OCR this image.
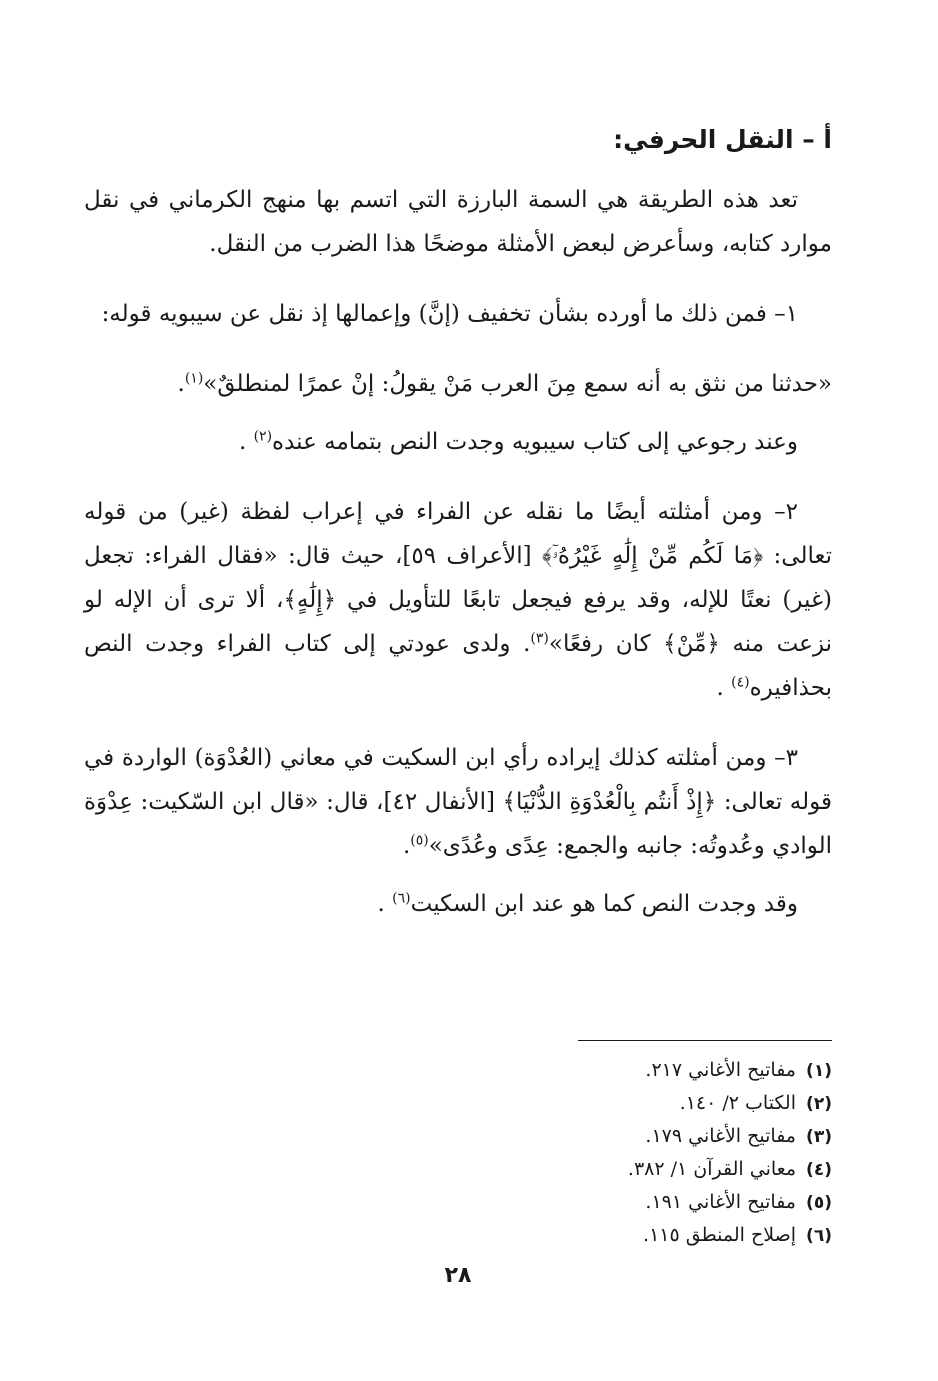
أ – النقل الحرفي:

تعد هذه الطريقة هي السمة البارزة التي اتسم بها منهج الكرماني في نقل موارد كتابه، وسأعرض لبعض الأمثلة موضحًا هذا الضرب من النقل.

١– فمن ذلك ما أورده بشأن تخفيف (إنَّ) وإعمالها إذ نقل عن سيبويه قوله:

«حدثنا من نثق به أنه سمع مِنَ العرب مَنْ يقولُ: إنْ عمرًا لمنطلقٌ»$^{(١)}$.

وعند رجوعي إلى كتاب سيبويه وجدت النص بتمامه عنده$^{(٢)}$ .

٢– ومن أمثلته أيضًا ما نقله عن الفراء في إعراب لفظة (غير) من قوله تعالى: ﴿مَا لَكُم مِّنْ إِلَٰهٍ غَيْرُهُۥٓ﴾ [الأعراف ٥٩]، حيث قال: «فقال الفراء: تجعل (غير) نعتًا للإله، وقد يرفع فيجعل تابعًا للتأويل في ﴿إِلَٰهٍ﴾، ألا ترى أن الإله لو نزعت منه ﴿مِّنْ﴾ كان رفعًا»$^{(٣)}$. ولدى عودتي إلى كتاب الفراء وجدت النص بحذافيره$^{(٤)}$ .

٣– ومن أمثلته كذلك إيراده رأي ابن السكيت في معاني (العُدْوَة) الواردة في قوله تعالى: ﴿إِذْ أَنتُم بِالْعُدْوَةِ الدُّنْيَا﴾ [الأنفال ٤٢]، قال: «قال ابن السّكيت: عِدْوَة الوادي وعُدوتُه: جانبه والجمع: عِدًى وعُدًى»$^{(٥)}$.

وقد وجدت النص كما هو عند ابن السكيت$^{(٦)}$ .

(١)مفاتيح الأغاني ٢١٧.
(٢)الكتاب ٢/ ١٤٠.
(٣)مفاتيح الأغاني ١٧٩.
(٤)معاني القرآن ١/ ٣٨٢.
(٥)مفاتيح الأغاني ١٩١.
(٦)إصلاح المنطق ١١٥.
٢٨
